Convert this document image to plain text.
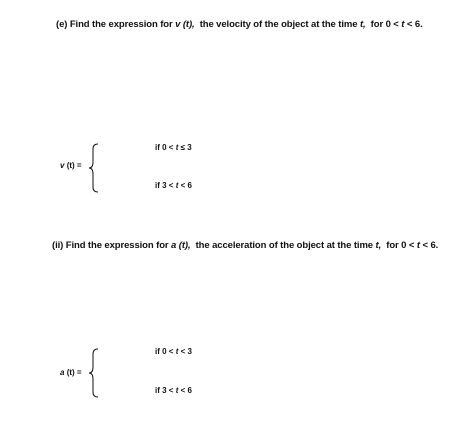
(e) Find the expression for v (t), the velocity of the object at the time t, for 0 < t < 6.
v (t) =
if 0 < t ≤ 3
if 3 < t < 6
(ii) Find the expression for a (t), the acceleration of the object at the time t, for 0 < t < 6.
a (t) =
if 0 < t < 3
if 3 < t < 6
